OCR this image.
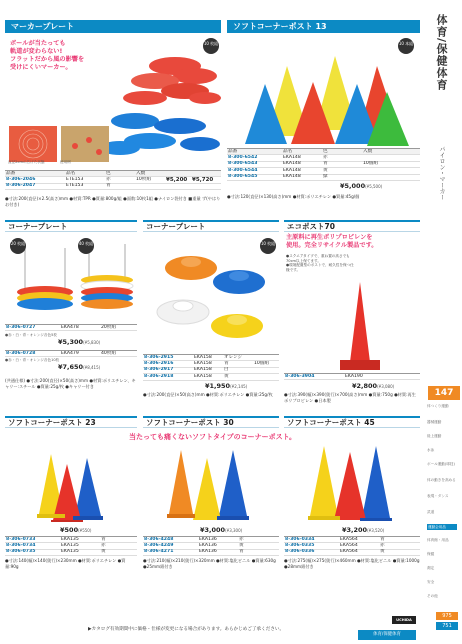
マーカープレート
10 枚組
ボールが当たっても
軌道が変わらない!
フラットだから風の影響を
受けにくいマーカー。
直径2cmの広げた状態	使用例
品番	品名	色	入数
8-306-2046	ETE153	赤	10枚組	¥5,200 ¥5,720
8-306-2047	ETE153	青
●寸法:200(直径)×2.5(高さ)mm ●材質:TPR ●質量:800g/組 ●面数:10枚1組 ●ナイロン袋付き ■重量 ず(やはりお付き)
ソフトコーナーポスト 13
10 本組
品番	品名	色	入数
8-300-6542	EKA148	赤
8-300-6543	EKA148	青	10個組
8-300-6544	EKA148	黄
8-300-6545	EKA148	緑
¥5,000(¥5,500)
●寸法:120(直径)×130(高さ)mm ●材質:ポリエチレン ●質量:45g/個
コーナープレート
20 枚組	40 枚組
8-306-0727	EKA478	20枚組
●赤・白・青・オレンジ各色5枚
¥5,300(¥5,830)
8-306-0728	EKA479	40枚組
●赤・白・青・オレンジ各色10枚
¥7,650(¥8,415)
(共通仕様) ●寸法:200(直径)×50(高さ)mm ●材質:ポリエチレン、キャリー:スチール ●質量:25g/枚 ●キャリー付き
コーナープレート
10 枚組
8-306-2915	EKA158	オレンジ
8-306-2916	EKA158	青	10個組
8-306-2917	EKA158	白
8-306-2918	EKA158	黄
¥1,950(¥2,145)
●寸法:200(直径)×50(高さ)mm ●材質:ポリエチレン ●質量:25g/枚
エコポスト70
主原料に再生ポリプロピレンを
使用。完全リサイクル製品です。
●スクエアタイプで、重ね置の高さでも70cm以上保てます。
●環境配慮型のポストで、耐久性を保つ仕様です。
8-306-3904	EKA190
¥2,800(¥3,080)
●寸法:390(幅)×390(奥行)×700(高さ)mm ●質量:750g ●材質:再生ポリプロピレン ●日本製
ソフトコーナーポスト 23	ソフトコーナーポスト 30	ソフトコーナーポスト 45
当たっても痛くないソフトタイプのコーナーポスト。
¥500(¥550)	¥3,000(¥3,300)	¥3,200(¥3,520)
8-306-0733	EKA135	青
8-306-0734	EKA135	赤
8-306-0735	EKA135	黄
8-306-4248	EKA136	赤
8-306-4249	EKA136	黄
8-306-4271	EKA136	青
8-306-0334	EKA564	青
8-306-0335	EKA564	赤
8-306-0336	EKA564	黄
●寸法:140(幅)×140(奥行)×230mm ●材質:ポリエチレン ●質量:90g
●寸法:210(幅)×210(奥行)×320mm ●材質:塩化ビニル ●質量:630g ●25mm紙付き
●寸法:275(幅)×275(奥行)×460mm ●材質:塩化ビニル ●質量:1000g ●28mm紙付き
▶カタログ有効期間中に価格・仕様が変更になる場合があります。あらかじめご了承ください。
体育/保健体育
UCHIDA
体育/保健体育
パイロン・マーカー
147
体つくり運動
器械運動
陸上運動
水泳
ボール運動(球技)
体の動きを高める
表現・ダンス
武道
運動会用品
体育館・用品
保健
測定
安全
その他
975
751
